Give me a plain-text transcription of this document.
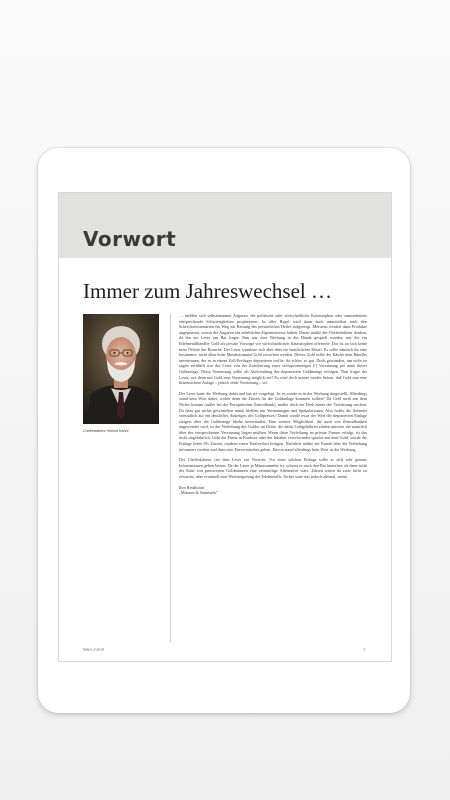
Vorwort
Immer zum Jahreswechsel …
Chefredakteur Helmut Kahnt

… melden sich selbsternannte Auguren, die politische oder wirtschaftliche Katastrophen oder zumindestens entsprechende Schwierigkeiten prophezeien. In aller Regel wird dann auch unmittelbar nach den Schreckensszenarien ein Weg zur Rettung des persönlichen Heiles aufgezeigt. Meistens werden dann Produkte angepriesen, womit die Auguren ein erhebliches Eigeninteresse haben. Daran mußte der Chefredakteur denken, da ihn ein Leser um Rat fragte. Ihm war eine Werbung in die Hände gespielt worden, mit der ein Edelmetallhändler Gold als private Vorsorge vor wirtschaftlichen Katastrophen offerierte. Das ist an sich keine neue Offerte der Branche. Der Leser wunderte sich aber über ein beachtliches Detail. Es sollte nämlich für eine bestimmte, nicht allzu hohe Mindestsumme Gold erworben werden. Dieses Gold sollte der Käufer dem Händler anvertrauen, der es in einem Zoll-Freilager deponieren wollte. So schön, so gut. Doch gewundert, um nicht zu sagen verblüfft war der Leser von der Zusicherung einer sechsprozentigen (!) Verzinsung per anno dieser Goldanlage. Diese Verzinsung sollte als Aufwendung der deponierten Goldmenge erfolgen. Nun fragte der Leser, wie denn mit Gold eine Verzinsung möglich sei? Es wird doch immer wieder betont, daß Gold nun eine krisensichere Anlage – jedoch ohne Verzinsung – sei.

Der Leser hatte die Werbung dabei und hat sie vorgelegt. Ja, es wurde in in der Werbung dargestellt. Allerdings stand kein Wort dabei, woher denn die Zinsen für die Goldanlage kommen sollten? Da Geld nicht aus dem Nichts kommt (außer bei der Europäischen Zentralbank), mußte doch ein Dreh hinter der Verzinsung stecken. Da dazu gar nichts geschrieben stand, blieben nur Vermutungen und Spekulationen. Also hoffte die Anbieter vermutlich auf ein deutliches Ansteigen des Goldpreises? Damit würde zwar der Wert der deponierten Einlage steigen, aber die Goldmenge bliebe unverändert. Eine weitere Möglichkeit, die auch von Zentralbanken angewendet wird, ist die Verleihung des Goldes an Dritte, die dafür Leihgebühren zahlen müssen, die natürlich über der versprochenen Verzinsung liegen müßten. Wenn diese Verleihung an private Firmen erfolgt, ist das nicht ungefährlich. Geht die Firma in Konkurs oder der Inhaber verschwindet spurlos mit dem Gold, würde die Einlage keine 6% Zinsen, sondern einen Totalverlust bringen. Natürlich müßte der Kunde über die Verleihung informiert werden und dazu sein Einverständnis geben. Davon stand allerdings kein Wort in der Werbung.

Der Chefredakteur riet dem Leser zur Vorsicht. Vor einer solchen Einlage sollte er sich sehr genaue Informationen geben lassen. Da der Leser ja Münzsammler ist, scheint es noch den Rat hinterher, ob denn nicht der Kauf von preiswerten Goldmünzen eine vernünftige Alternative wäre. Zinsen wären da zwar nicht zu erwarten, aber eventuell eine Wertsteigerung des Edelmetalls. Sicher wäre das jedoch allemal, meint

Ihre Redaktion
„Münzen & Sammeln"
M&S 2/2019	3
